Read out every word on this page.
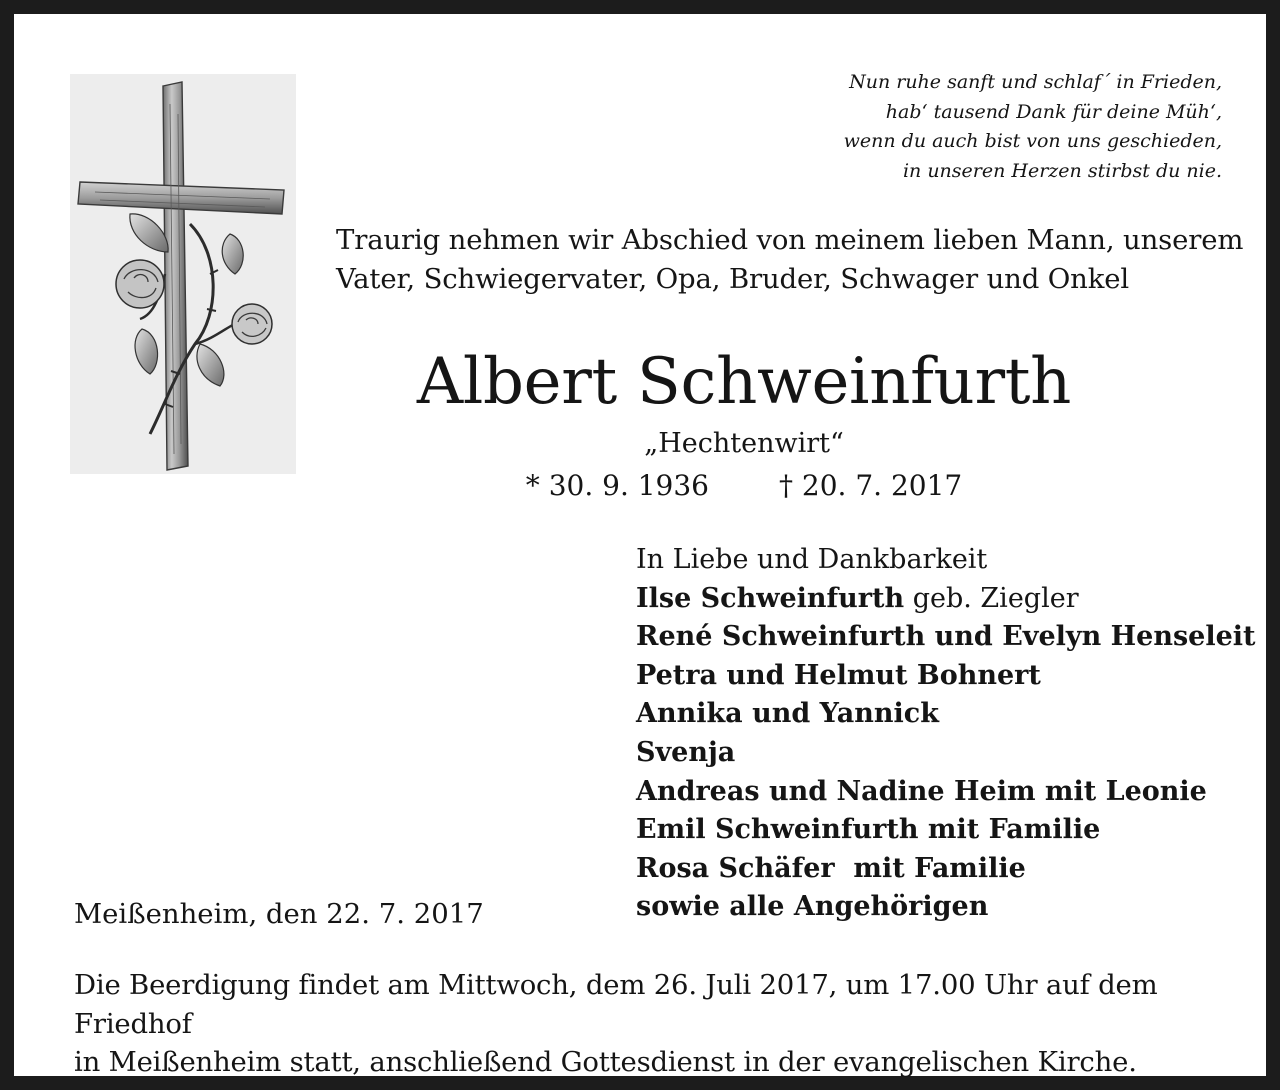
Nun ruhe sanft und schlaf´ in Frieden,
hab‘ tausend Dank für deine Müh‘,
wenn du auch bist von uns geschieden,
in unseren Herzen stirbst du nie.
Traurig nehmen wir Abschied von meinem lieben Mann, unserem
Vater, Schwiegervater, Opa, Bruder, Schwager und Onkel
Albert Schweinfurth
„Hechtenwirt“
* 30. 9. 1936	† 20. 7. 2017
In Liebe und Dankbarkeit
Ilse Schweinfurth geb. Ziegler
René Schweinfurth und Evelyn Henseleit
Petra und Helmut Bohnert
Annika und Yannick
Svenja
Andreas und Nadine Heim mit Leonie
Emil Schweinfurth mit Familie
Rosa Schäfer  mit Familie
sowie alle Angehörigen
Meißenheim, den 22. 7. 2017
Die Beerdigung findet am Mittwoch, dem 26. Juli 2017, um 17.00 Uhr auf dem Friedhof
in Meißenheim statt, anschließend Gottesdienst in der evangelischen Kirche.
